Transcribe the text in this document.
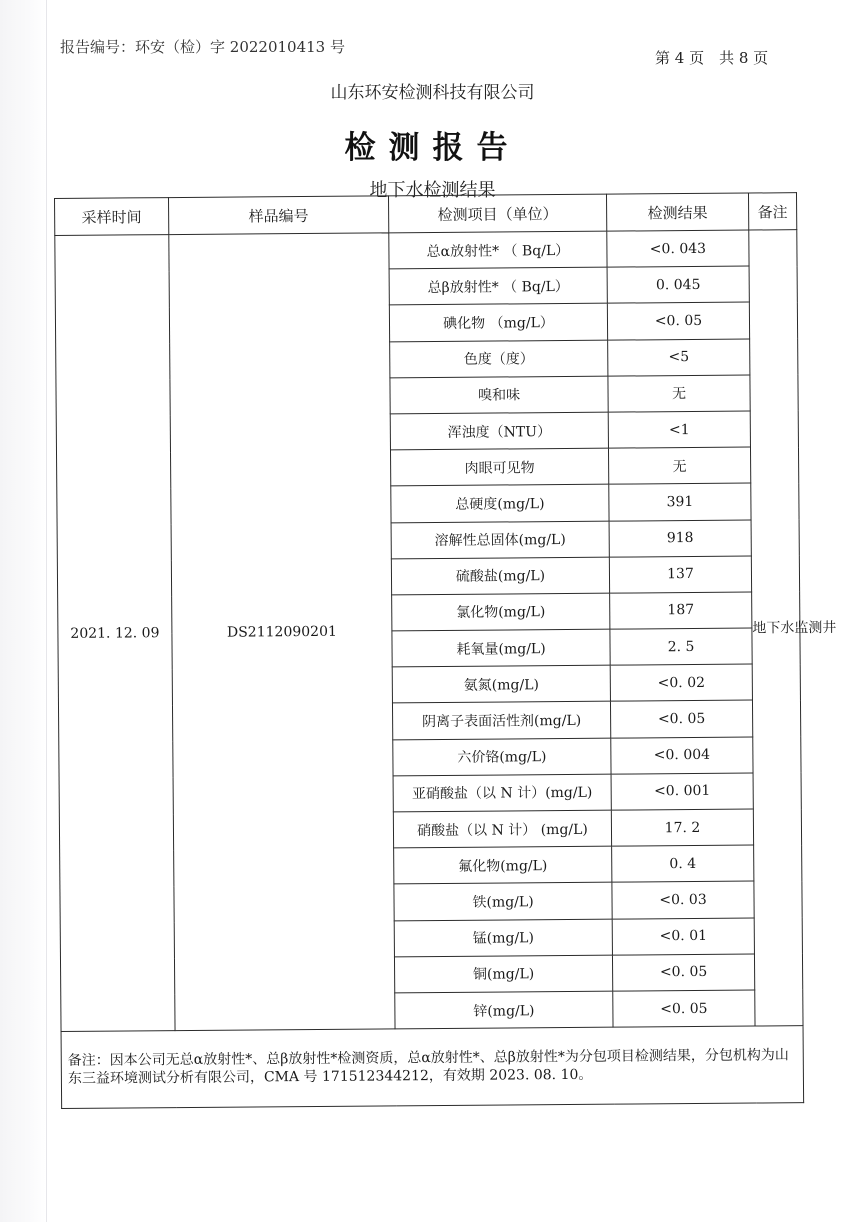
报告编号：环安（检）字 2022010413 号
第 4 页　共 8 页
山东环安检测科技有限公司
检测报告
地下水检测结果
采样时间	样品编号	检测项目（单位）	检测结果	备注
2021. 12. 09	DS2112090201	总α放射性* （ Bq/L）	<0. 043	地下水监测井
		总β放射性* （ Bq/L）	0. 045	
		碘化物 （mg/L）	<0. 05	
		色度（度）	<5	
		嗅和味	无	
		浑浊度（NTU）	<1	
		肉眼可见物	无	
		总硬度(mg/L)	391	
		溶解性总固体(mg/L)	918	
		硫酸盐(mg/L)	137	
		氯化物(mg/L)	187	
		耗氧量(mg/L)	2. 5	
		氨氮(mg/L)	<0. 02	
		阴离子表面活性剂(mg/L)	<0. 05	
		六价铬(mg/L)	<0. 004	
		亚硝酸盐（以 N 计）(mg/L)	<0. 001	
		硝酸盐（以 N 计） (mg/L)	17. 2	
		氟化物(mg/L)	0. 4	
		铁(mg/L)	<0. 03	
		锰(mg/L)	<0. 01	
		铜(mg/L)	<0. 05	
		锌(mg/L)	<0. 05	
备注：因本公司无总α放射性*、总β放射性*检测资质，总α放射性*、总β放射性*为分包项目检测结果，分包机构为山东三益环境测试分析有限公司，CMA 号 171512344212，有效期 2023. 08. 10。				
